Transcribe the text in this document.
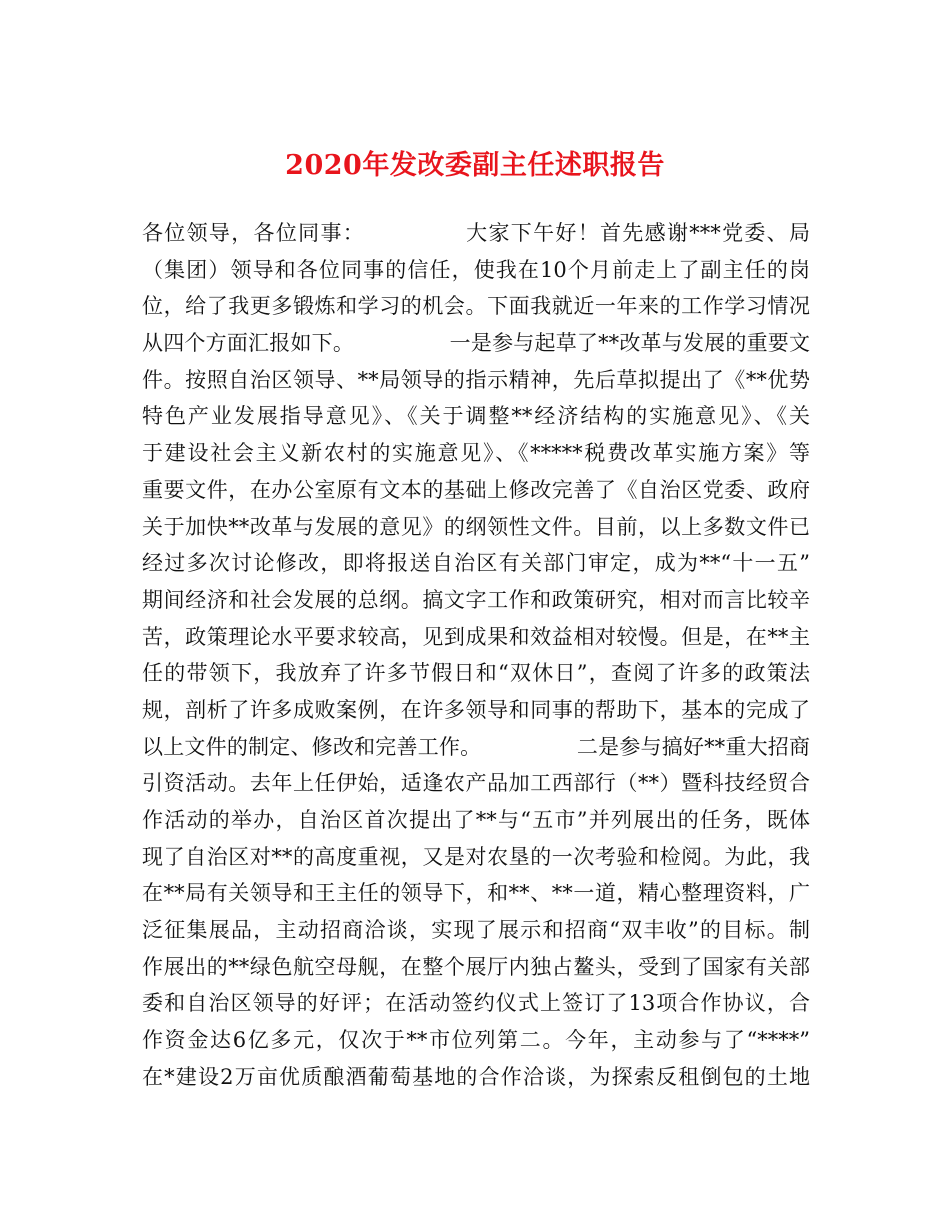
2020年发改委副主任述职报告
各位领导，各位同事：　　　　　大家下午好！首先感谢***党委、局
（集团）领导和各位同事的信任，使我在10个月前走上了副主任的岗
位，给了我更多锻炼和学习的机会。下面我就近一年来的工作学习情况
从四个方面汇报如下。　　　　　一是参与起草了**改革与发展的重要文
件。按照自治区领导、**局领导的指示精神，先后草拟提出了《**优势
特色产业发展指导意见》、《关于调整**经济结构的实施意见》、《关
于建设社会主义新农村的实施意见》、《*****税费改革实施方案》等
重要文件，在办公室原有文本的基础上修改完善了《自治区党委、政府
关于加快**改革与发展的意见》的纲领性文件。目前，以上多数文件已
经过多次讨论修改，即将报送自治区有关部门审定，成为**“十一五”
期间经济和社会发展的总纲。搞文字工作和政策研究，相对而言比较辛
苦，政策理论水平要求较高，见到成果和效益相对较慢。但是，在**主
任的带领下，我放弃了许多节假日和“双休日”，查阅了许多的政策法
规，剖析了许多成败案例，在许多领导和同事的帮助下，基本的完成了
以上文件的制定、修改和完善工作。　　　　　二是参与搞好**重大招商
引资活动。去年上任伊始，适逢农产品加工西部行（**）暨科技经贸合
作活动的举办，自治区首次提出了**与“五市”并列展出的任务，既体
现了自治区对**的高度重视，又是对农垦的一次考验和检阅。为此，我
在**局有关领导和王主任的领导下，和**、**一道，精心整理资料，广
泛征集展品，主动招商洽谈，实现了展示和招商“双丰收”的目标。制
作展出的**绿色航空母舰，在整个展厅内独占鳌头，受到了国家有关部
委和自治区领导的好评；在活动签约仪式上签订了13项合作协议，合
作资金达6亿多元，仅次于**市位列第二。今年，主动参与了“****”
在*建设2万亩优质酿酒葡萄基地的合作洽谈，为探索反租倒包的土地
